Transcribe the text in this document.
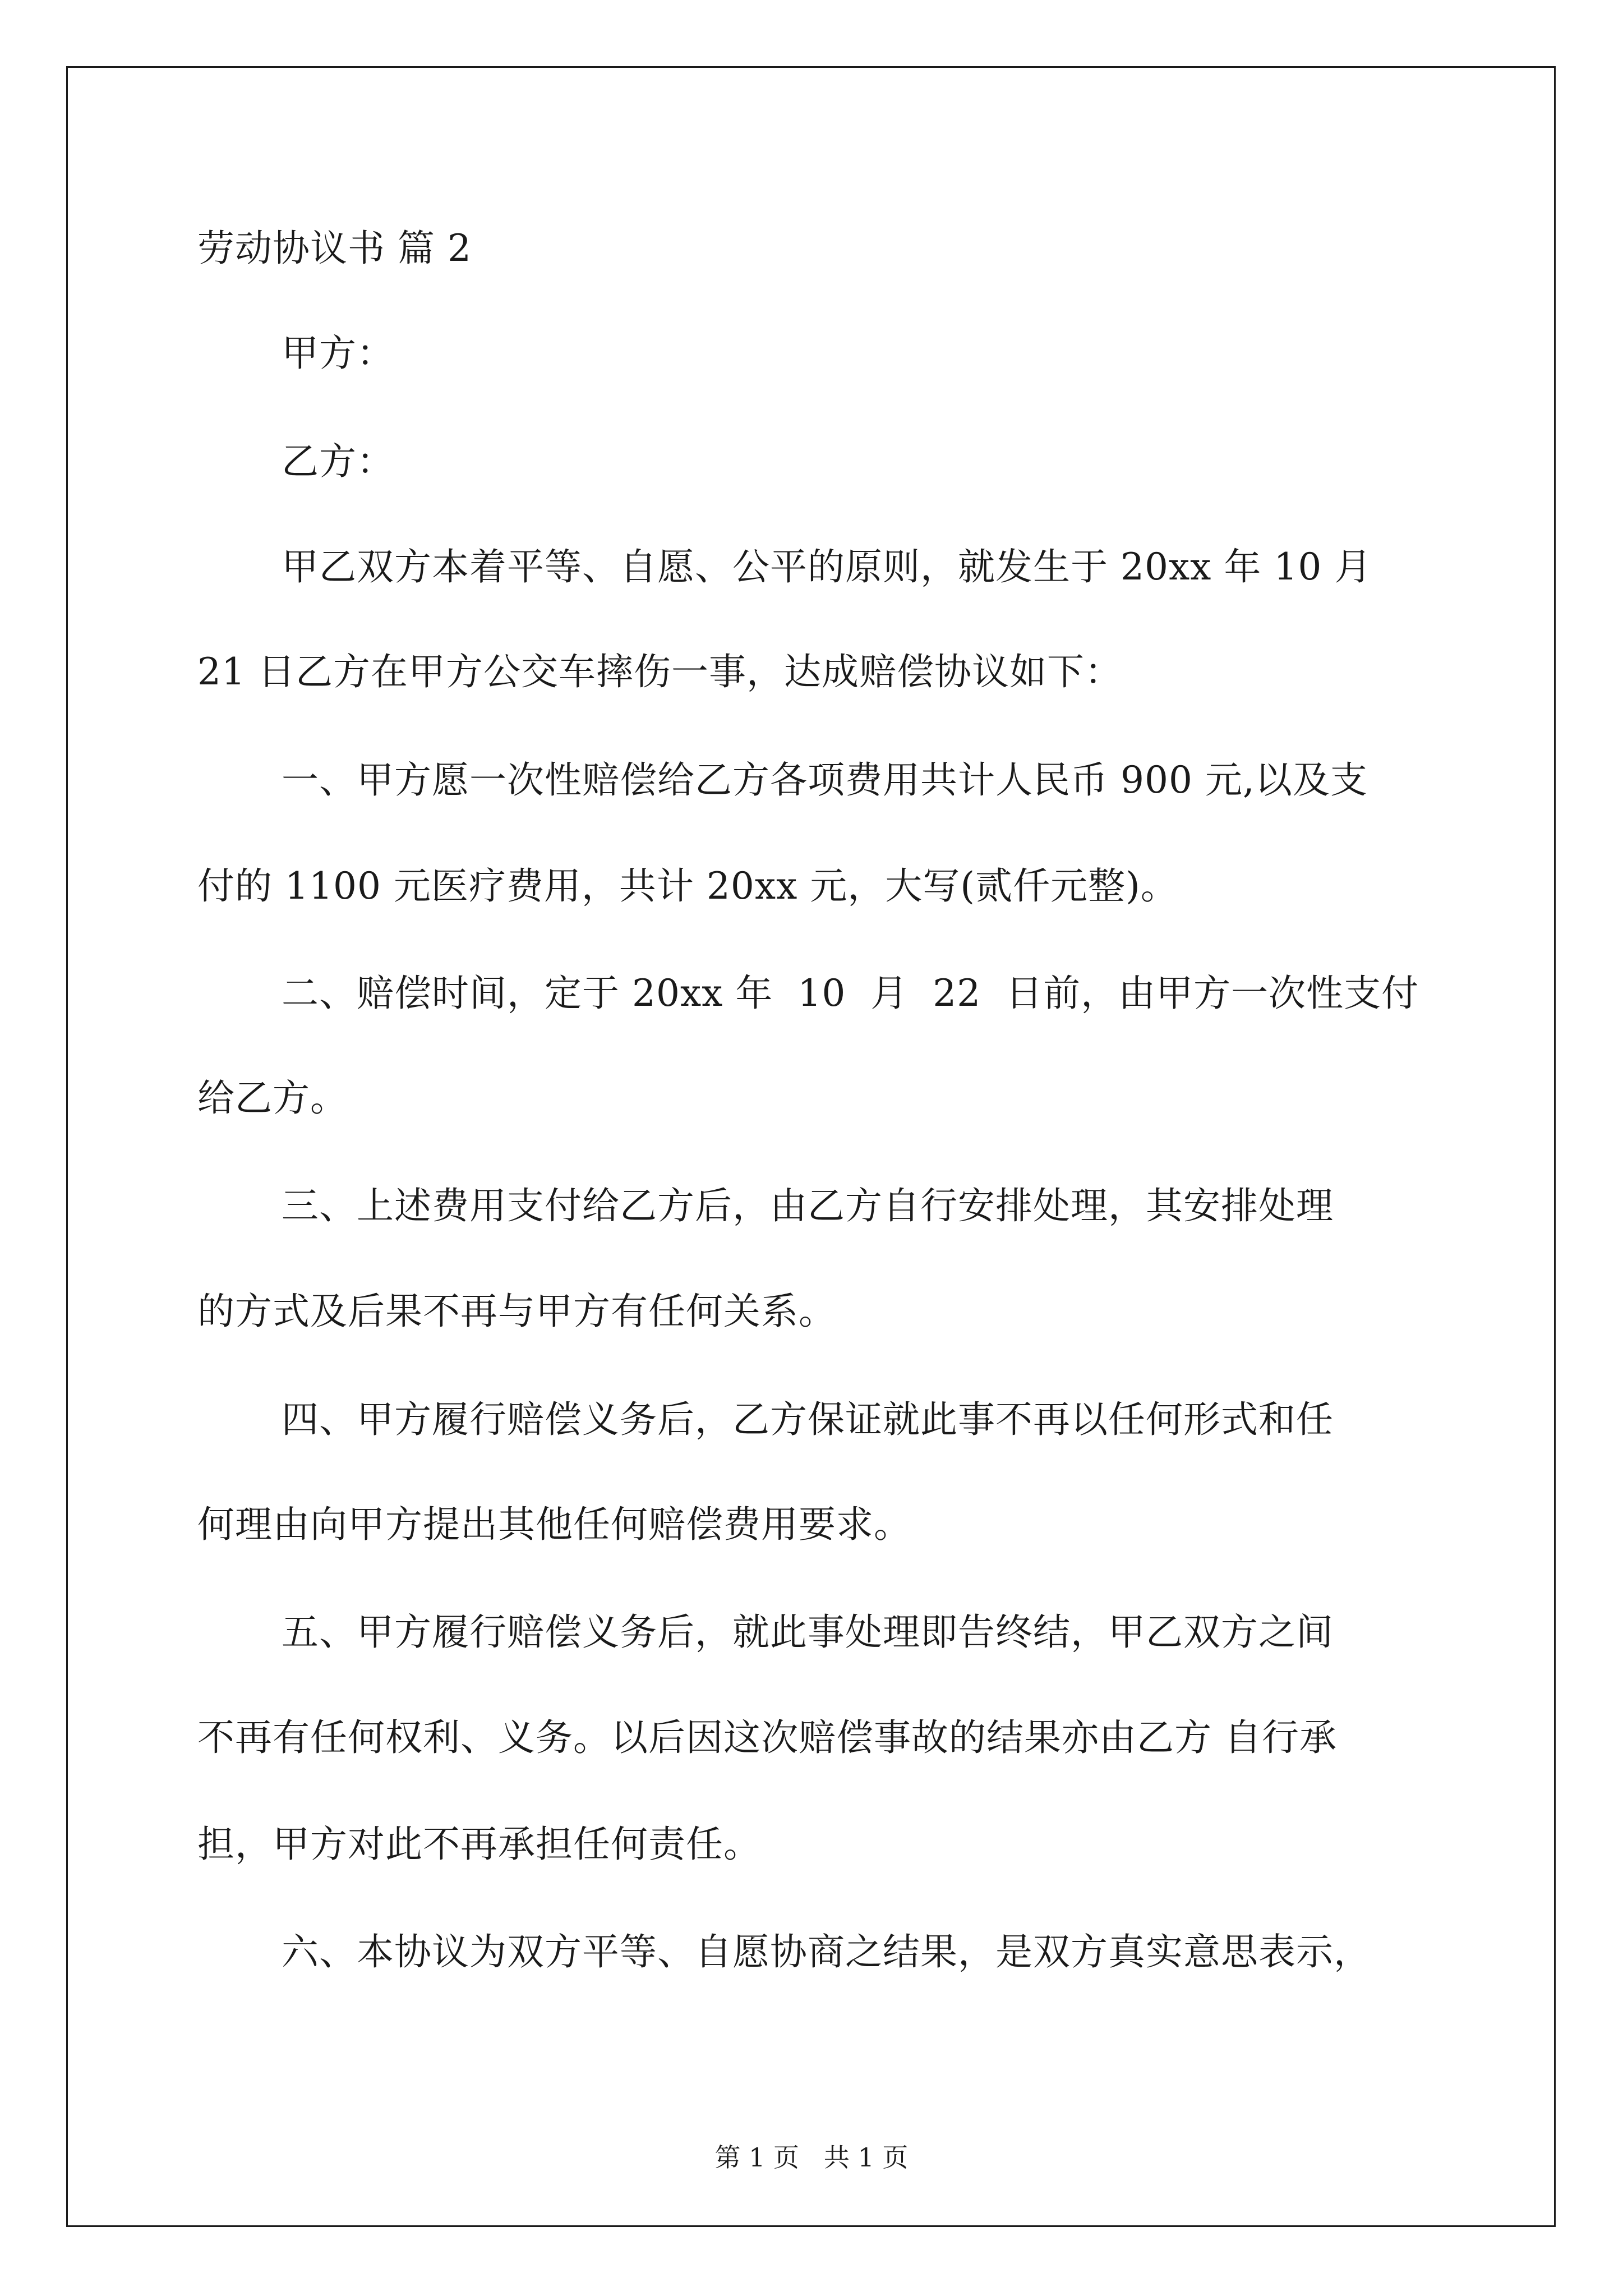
劳动协议书 篇 2
甲方：
乙方：
甲乙双方本着平等、自愿、公平的原则，就发生于 20xx 年 10 月
21 日乙方在甲方公交车摔伤一事，达成赔偿协议如下：
一、甲方愿一次性赔偿给乙方各项费用共计人民币 900 元,以及支
付的 1100 元医疗费用，共计 20xx 元，大写(贰仟元整)。
二、赔偿时间，定于 20xx 年  10  月  22  日前，由甲方一次性支付
给乙方。
三、上述费用支付给乙方后，由乙方自行安排处理，其安排处理
的方式及后果不再与甲方有任何关系。
四、甲方履行赔偿义务后，乙方保证就此事不再以任何形式和任
何理由向甲方提出其他任何赔偿费用要求。
五、甲方履行赔偿义务后，就此事处理即告终结，甲乙双方之间
不再有任何权利、义务。以后因这次赔偿事故的结果亦由乙方 自行承
担，甲方对此不再承担任何责任。
六、本协议为双方平等、自愿协商之结果，是双方真实意思表示，
第 1 页   共 1 页
